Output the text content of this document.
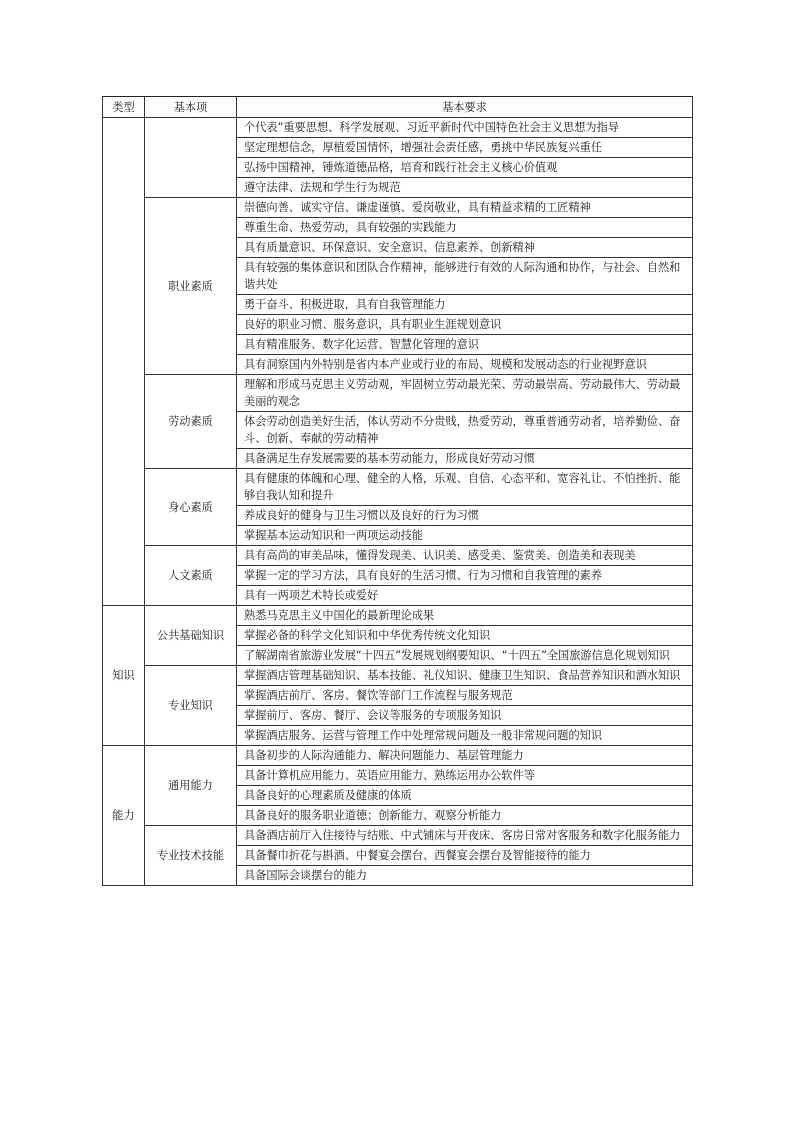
类型	基本项	基本要求
		个代表”重要思想、科学发展观、习近平新时代中国特色社会主义思想为指导
		坚定理想信念，厚植爱国情怀，增强社会责任感，勇挑中华民族复兴重任
		弘扬中国精神，锤炼道德品格，培育和践行社会主义核心价值观
		遵守法律、法规和学生行为规范
	职业素质	崇德向善、诚实守信、谦虚谨慎、爱岗敬业，具有精益求精的工匠精神
		尊重生命、热爱劳动，具有较强的实践能力
		具有质量意识、环保意识、安全意识、信息素养、创新精神
		具有较强的集体意识和团队合作精神，能够进行有效的人际沟通和协作，与社会、自然和谐共处
		勇于奋斗、积极进取，具有自我管理能力
		良好的职业习惯、服务意识，具有职业生涯规划意识
		具有精准服务、数字化运营、智慧化管理的意识
		具有洞察国内外特别是省内本产业或行业的布局、规模和发展动态的行业视野意识
	劳动素质	理解和形成马克思主义劳动观，牢固树立劳动最光荣、劳动最崇高、劳动最伟大、劳动最美丽的观念
		体会劳动创造美好生活，体认劳动不分贵贱，热爱劳动，尊重普通劳动者，培养勤俭、奋斗、创新、奉献的劳动精神
		具备满足生存发展需要的基本劳动能力，形成良好劳动习惯
	身心素质	具有健康的体魄和心理、健全的人格，乐观、自信、心态平和、宽容礼让、不怕挫折、能够自我认知和提升
		养成良好的健身与卫生习惯以及良好的行为习惯
		掌握基本运动知识和一两项运动技能
	人文素质	具有高尚的审美品味，懂得发现美、认识美、感受美、鉴赏美、创造美和表现美
		掌握一定的学习方法，具有良好的生活习惯、行为习惯和自我管理的素养
		具有一两项艺术特长或爱好
知识	公共基础知识	熟悉马克思主义中国化的最新理论成果
		掌握必备的科学文化知识和中华优秀传统文化知识
		了解湖南省旅游业发展“十四五”发展规划纲要知识、“十四五”全国旅游信息化规划知识
	专业知识	掌握酒店管理基础知识、基本技能、礼仪知识、健康卫生知识、食品营养知识和酒水知识
		掌握酒店前厅、客房、餐饮等部门工作流程与服务规范
		掌握前厅、客房、餐厅、会议等服务的专项服务知识
		掌握酒店服务、运营与管理工作中处理常规问题及一般非常规问题的知识
能力	通用能力	具备初步的人际沟通能力、解决问题能力、基层管理能力
		具备计算机应用能力、英语应用能力、熟练运用办公软件等
		具备良好的心理素质及健康的体质
		具备良好的服务职业道德；创新能力、观察分析能力
	专业技术技能	具备酒店前厅入住接待与结账、中式铺床与开夜床、客房日常对客服务和数字化服务能力
		具备餐巾折花与斟酒、中餐宴会摆台、西餐宴会摆台及智能接待的能力
		具备国际会谈摆台的能力
